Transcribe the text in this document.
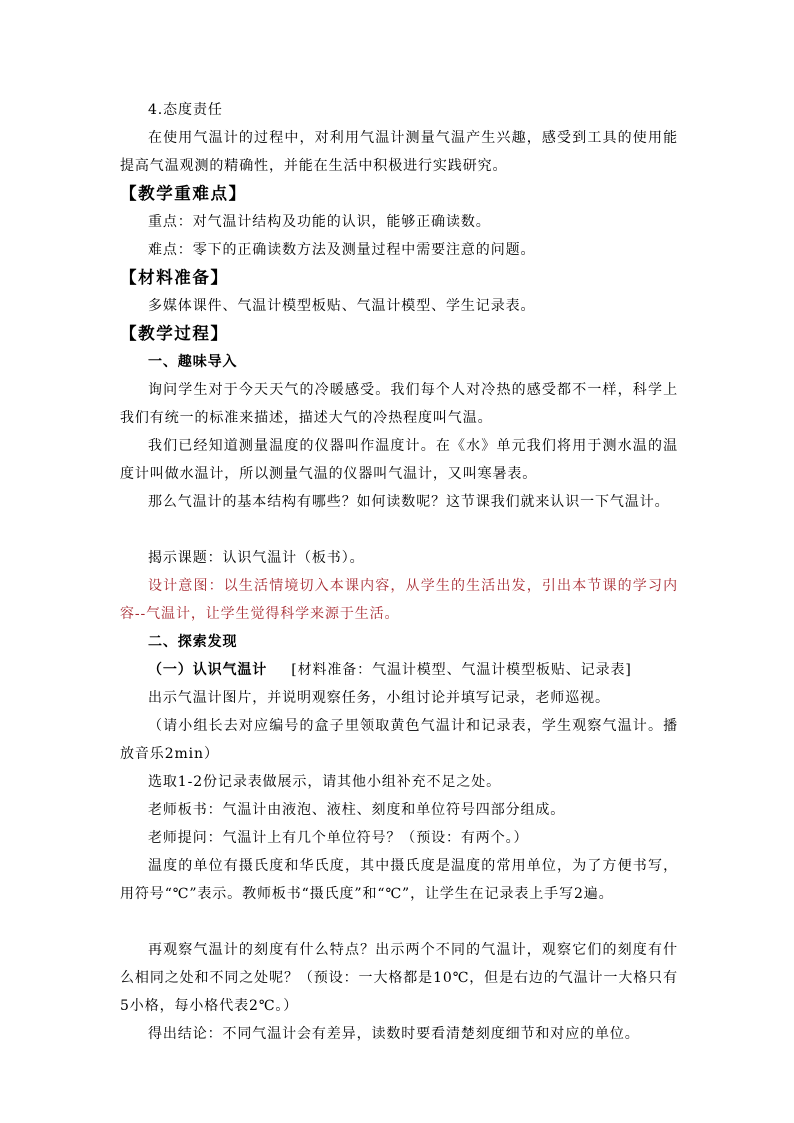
4.态度责任
在使用气温计的过程中，对利用气温计测量气温产生兴趣，感受到工具的使用能提高气温观测的精确性，并能在生活中积极进行实践研究。
【教学重难点】
重点：对气温计结构及功能的认识，能够正确读数。
难点：零下的正确读数方法及测量过程中需要注意的问题。
【材料准备】
多媒体课件、气温计模型板贴、气温计模型、学生记录表。
【教学过程】
一、趣味导入
询问学生对于今天天气的冷暖感受。我们每个人对冷热的感受都不一样，科学上我们有统一的标准来描述，描述大气的冷热程度叫气温。
我们已经知道测量温度的仪器叫作温度计。在《水》单元我们将用于测水温的温度计叫做水温计，所以测量气温的仪器叫气温计，又叫寒暑表。
那么气温计的基本结构有哪些？如何读数呢？这节课我们就来认识一下气温计。
揭示课题：认识气温计（板书）。
设计意图：以生活情境切入本课内容，从学生的生活出发，引出本节课的学习内容--气温计，让学生觉得科学来源于生活。
二、探索发现
（一）认识气温计 [材料准备：气温计模型、气温计模型板贴、记录表]
出示气温计图片，并说明观察任务，小组讨论并填写记录，老师巡视。
（请小组长去对应编号的盒子里领取黄色气温计和记录表，学生观察气温计。播放音乐2min）
选取1-2份记录表做展示，请其他小组补充不足之处。
老师板书：气温计由液泡、液柱、刻度和单位符号四部分组成。
老师提问：气温计上有几个单位符号？（预设：有两个。）
温度的单位有摄氏度和华氏度，其中摄氏度是温度的常用单位，为了方便书写，用符号“℃”表示。教师板书“摄氏度”和“℃”，让学生在记录表上手写2遍。
再观察气温计的刻度有什么特点？出示两个不同的气温计，观察它们的刻度有什么相同之处和不同之处呢？（预设：一大格都是10℃，但是右边的气温计一大格只有5小格，每小格代表2℃。）
得出结论：不同气温计会有差异，读数时要看清楚刻度细节和对应的单位。
